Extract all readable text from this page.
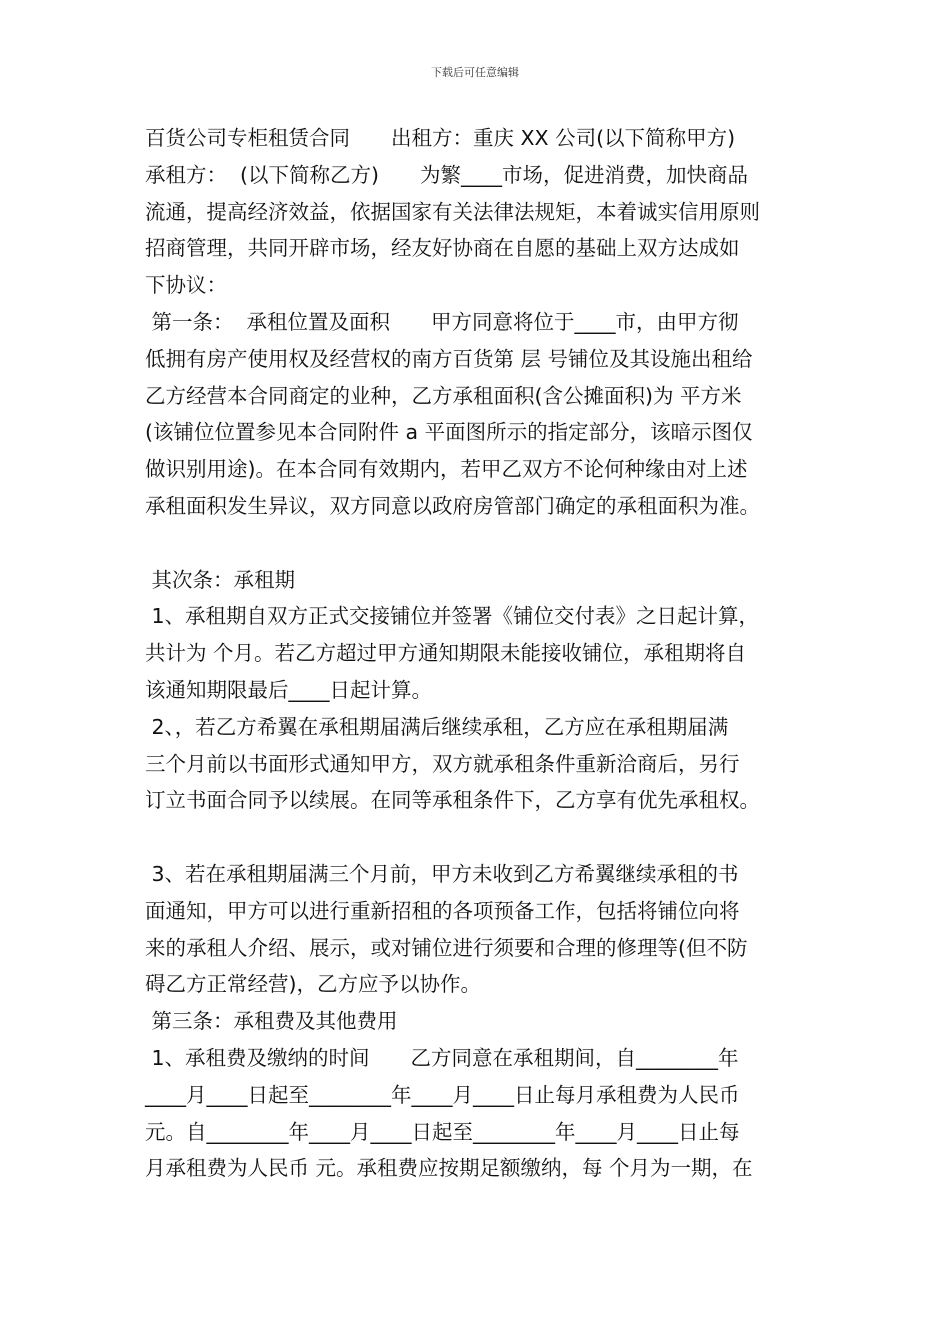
下载后可任意编辑
百货公司专柜租赁合同　　出租方：重庆 XX 公司(以下简称甲方)
承租方：  (以下简称乙方)　　为繁____市场，促进消费，加快商品
流通，提高经济效益，依据国家有关法律法规矩，本着诚实信用原则
招商管理，共同开辟市场，经友好协商在自愿的基础上双方达成如
下协议：
第一条：  承租位置及面积　　甲方同意将位于____市，由甲方彻
低拥有房产使用权及经营权的南方百货第 层 号铺位及其设施出租给
乙方经营本合同商定的业种，乙方承租面积(含公摊面积)为 平方米
(该铺位位置参见本合同附件 a 平面图所示的指定部分，该暗示图仅
做识别用途)。在本合同有效期内，若甲乙双方不论何种缘由对上述
承租面积发生异议，双方同意以政府房管部门确定的承租面积为准。
其次条：承租期
1、承租期自双方正式交接铺位并签署《铺位交付表》之日起计算，
共计为 个月。若乙方超过甲方通知期限未能接收铺位，承租期将自
该通知期限最后____日起计算。
2、，若乙方希翼在承租期届满后继续承租，乙方应在承租期届满
三个月前以书面形式通知甲方，双方就承租条件重新洽商后，另行
订立书面合同予以续展。在同等承租条件下，乙方享有优先承租权。
3、若在承租期届满三个月前，甲方未收到乙方希翼继续承租的书
面通知，甲方可以进行重新招租的各项预备工作，包括将铺位向将
来的承租人介绍、展示，或对铺位进行须要和合理的修理等(但不防
碍乙方正常经营)，乙方应予以协作。
第三条：承租费及其他费用
1、承租费及缴纳的时间　　乙方同意在承租期间，自________年
____月____日起至________年____月____日止每月承租费为人民币
元。自________年____月____日起至________年____月____日止每
月承租费为人民币 元。承租费应按期足额缴纳，每 个月为一期，在
